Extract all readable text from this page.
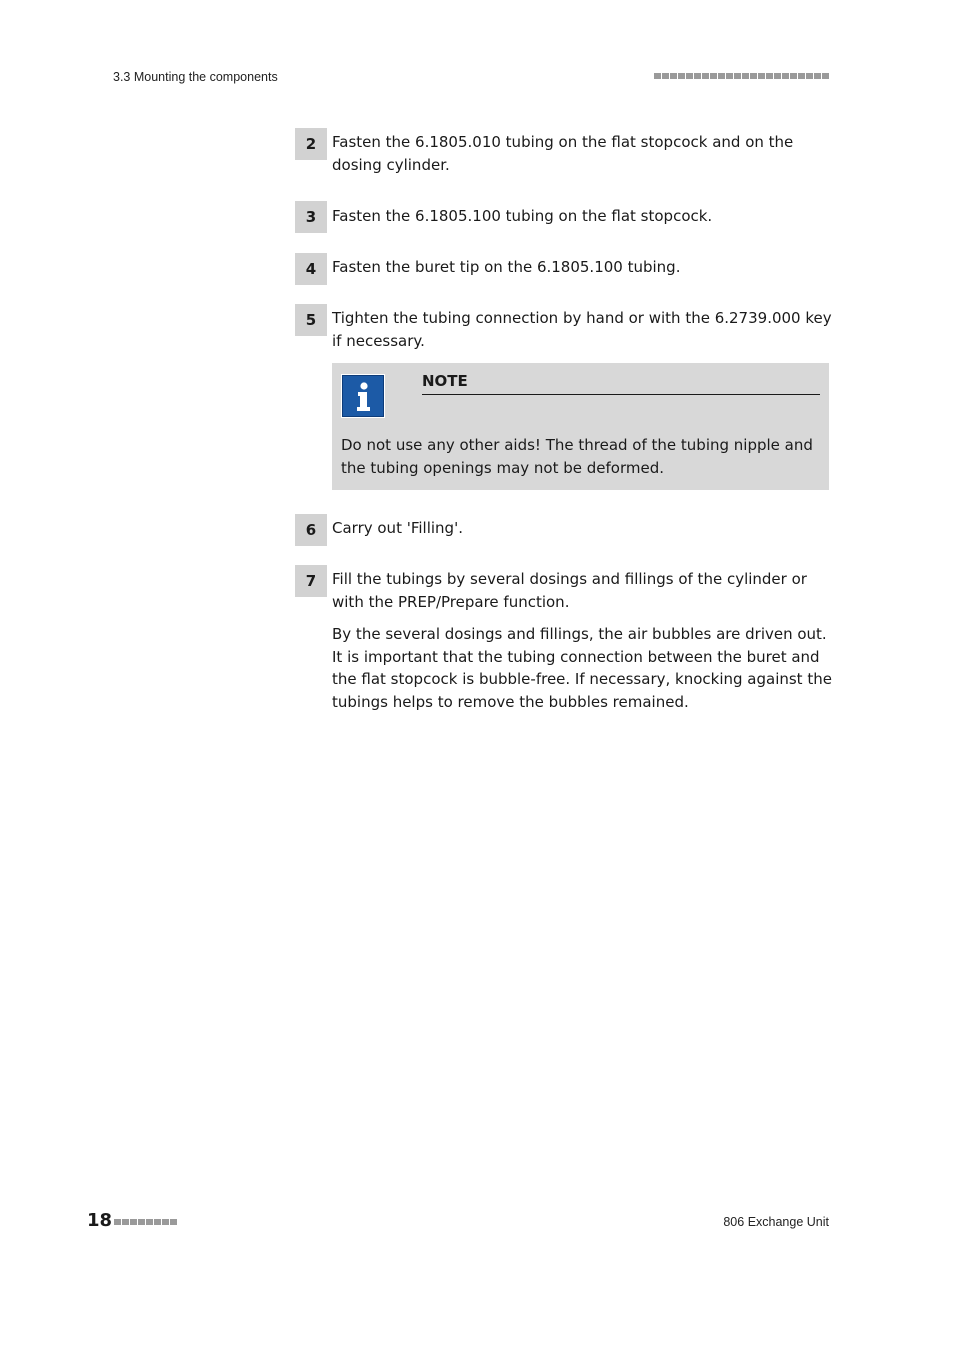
3.3 Mounting the components
2	Fasten the 6.1805.010 tubing on the flat stopcock and on the dosing cylinder.
3	Fasten the 6.1805.100 tubing on the flat stopcock.
4	Fasten the buret tip on the 6.1805.100 tubing.
5	Tighten the tubing connection by hand or with the 6.2739.000 key if necessary.
NOTE
Do not use any other aids! The thread of the tubing nipple and the tubing openings may not be deformed.
6	Carry out 'Filling'.
7	Fill the tubings by several dosings and fillings of the cylinder or with the PREP/Prepare function.
By the several dosings and fillings, the air bubbles are driven out. It is important that the tubing connection between the buret and the flat stopcock is bubble-free. If necessary, knocking against the tubings helps to remove the bubbles remained.
18	806 Exchange Unit
